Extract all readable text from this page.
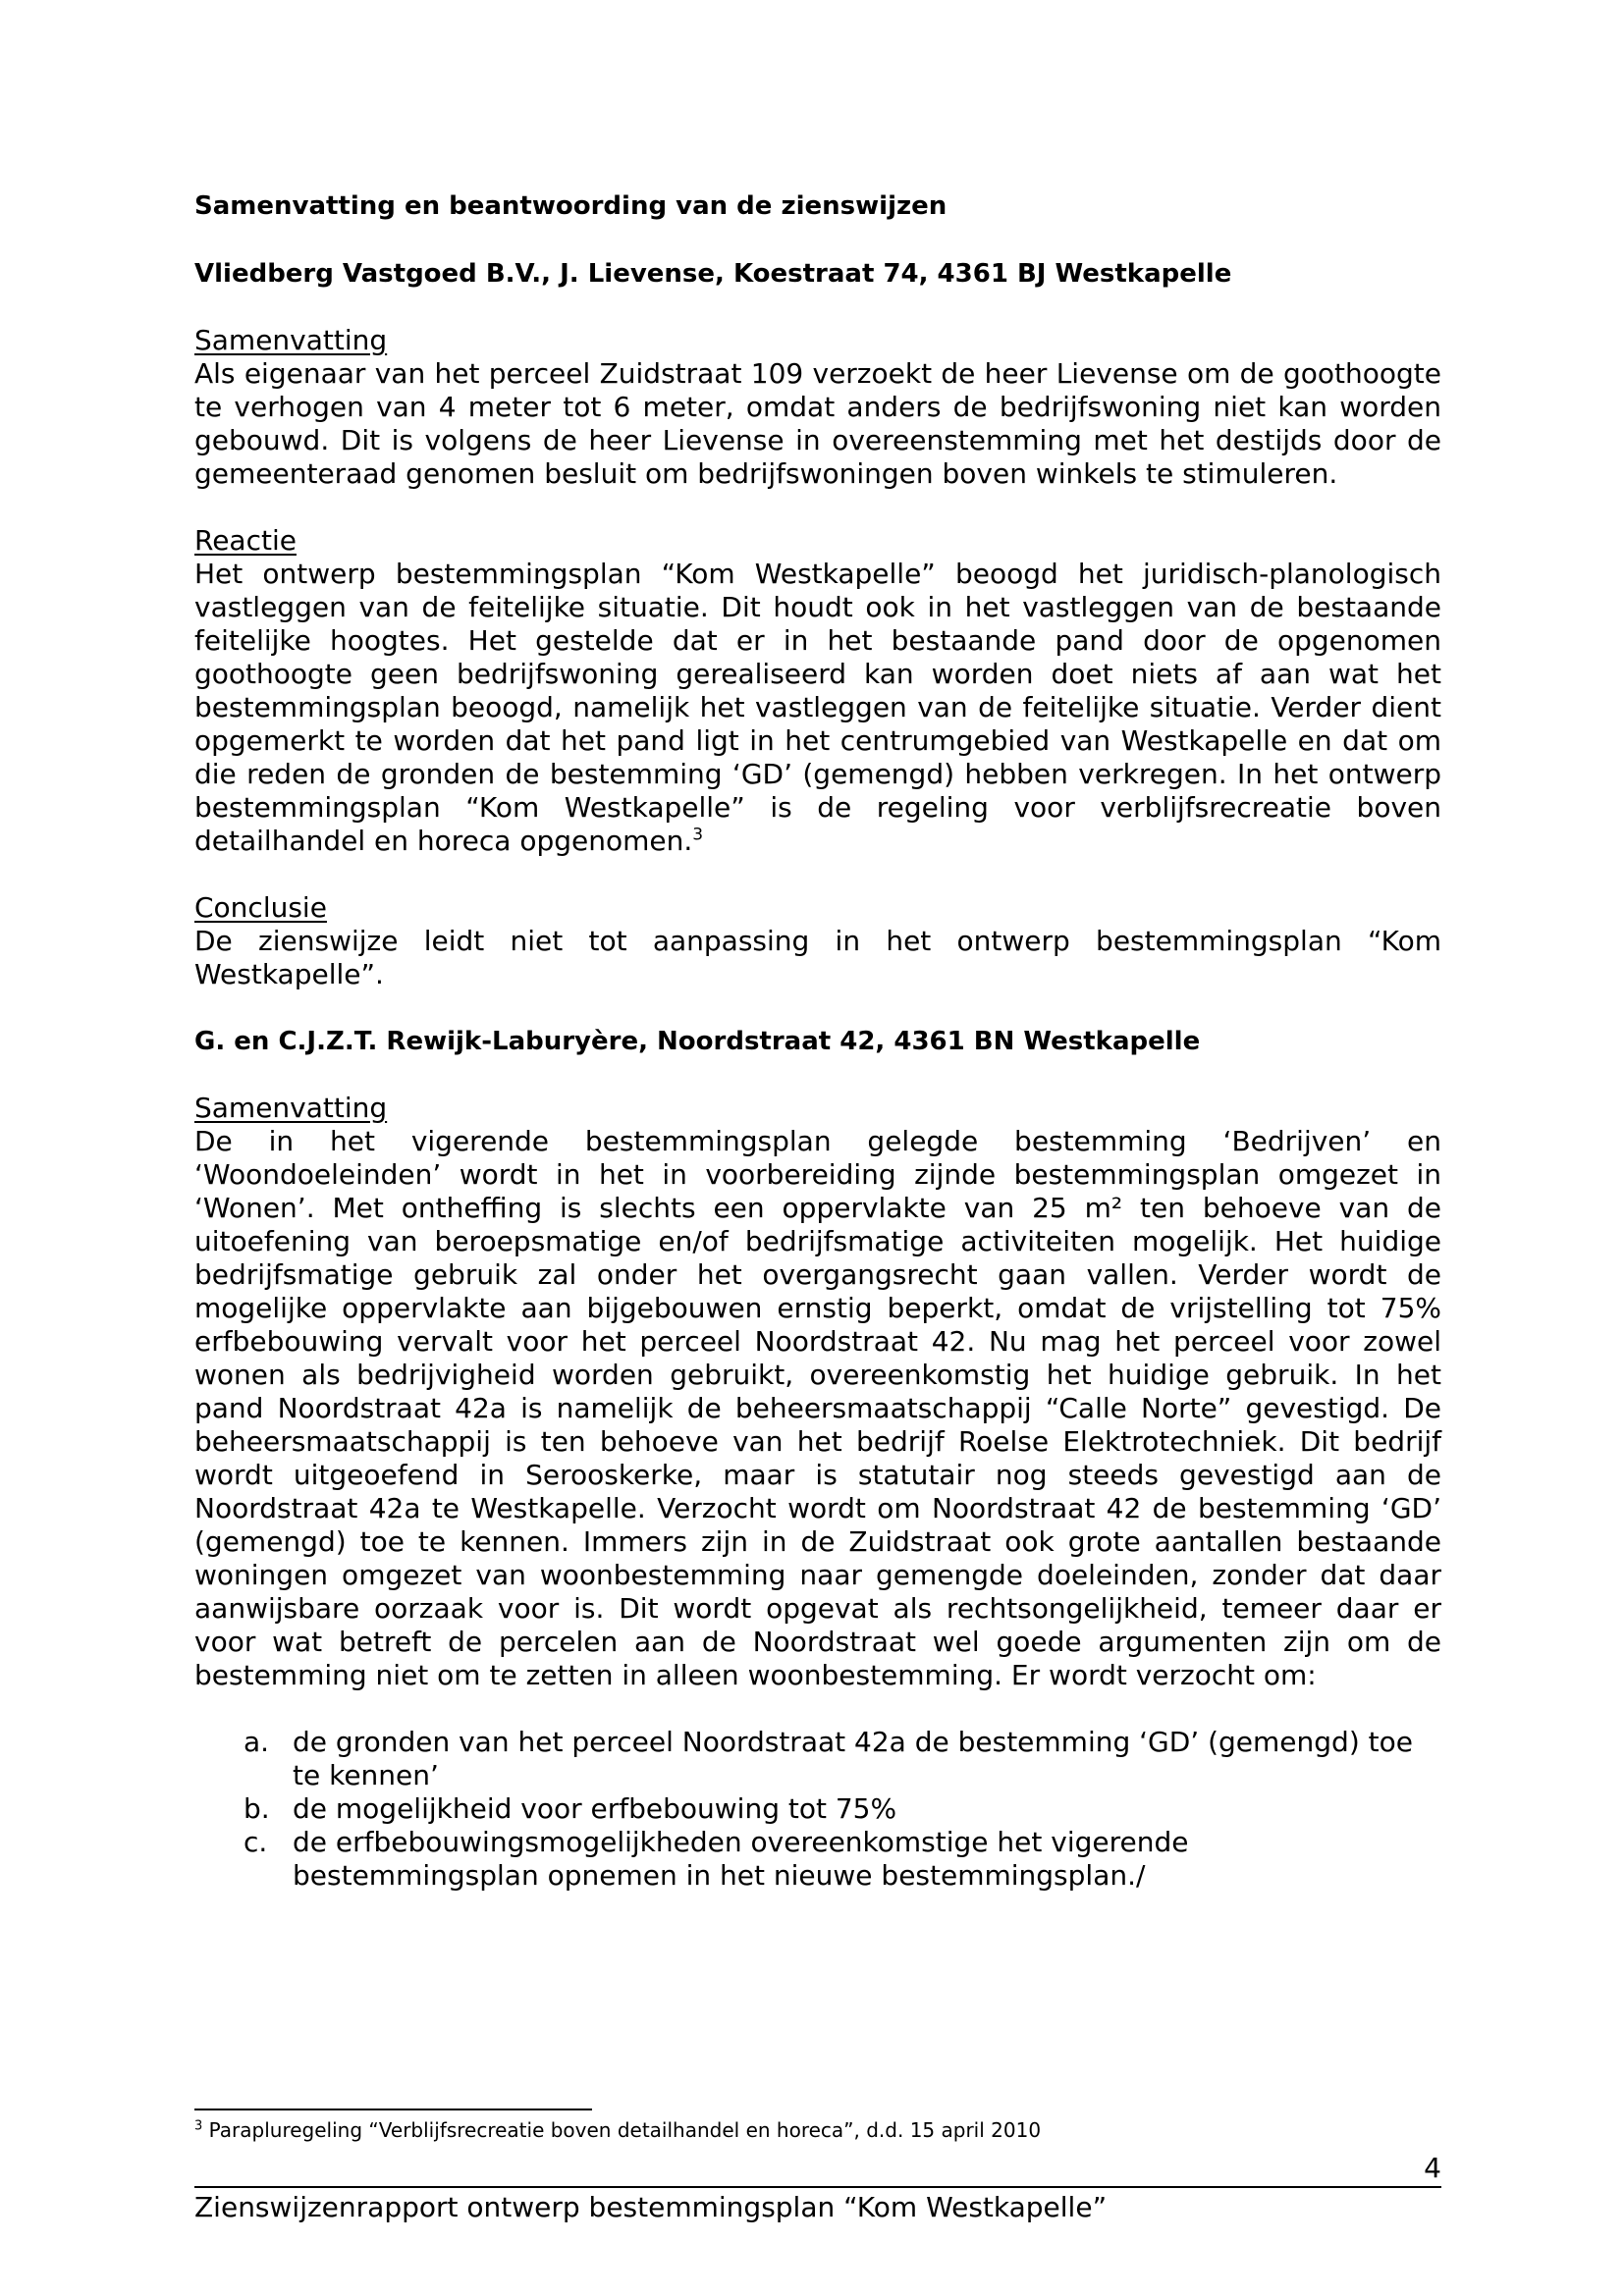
Samenvatting en beantwoording van de zienswijzen
Vliedberg Vastgoed B.V., J. Lievense, Koestraat 74, 4361 BJ Westkapelle
Samenvatting
Als eigenaar van het perceel Zuidstraat 109 verzoekt de heer Lievense om de goothoogte
te verhogen van 4 meter tot 6 meter, omdat anders de bedrijfswoning niet kan worden
gebouwd. Dit is volgens de heer Lievense in overeenstemming met het destijds door de
gemeenteraad genomen besluit om bedrijfswoningen boven winkels te stimuleren.
Reactie
Het ontwerp bestemmingsplan “Kom Westkapelle” beoogd het juridisch-planologisch
vastleggen van de feitelijke situatie. Dit houdt ook in het vastleggen van de bestaande
feitelijke hoogtes. Het gestelde dat er in het bestaande pand door de opgenomen
goothoogte geen bedrijfswoning gerealiseerd kan worden doet niets af aan wat het
bestemmingsplan beoogd, namelijk het vastleggen van de feitelijke situatie. Verder dient
opgemerkt te worden dat het pand ligt in het centrumgebied van Westkapelle en dat om
die reden de gronden de bestemming ‘GD’ (gemengd) hebben verkregen. In het ontwerp
bestemmingsplan “Kom Westkapelle” is de regeling voor verblijfsrecreatie boven
detailhandel en horeca opgenomen.$^3$
Conclusie
De zienswijze leidt niet tot aanpassing in het ontwerp bestemmingsplan “Kom
Westkapelle”.
G. en C.J.Z.T. Rewijk-Laburyère, Noordstraat 42, 4361 BN Westkapelle
Samenvatting
De in het vigerende bestemmingsplan gelegde bestemming ‘Bedrijven’ en
‘Woondoeleinden’ wordt in het in voorbereiding zijnde bestemmingsplan omgezet in
‘Wonen’. Met ontheffing is slechts een oppervlakte van 25 m² ten behoeve van de
uitoefening van beroepsmatige en/of bedrijfsmatige activiteiten mogelijk. Het huidige
bedrijfsmatige gebruik zal onder het overgangsrecht gaan vallen. Verder wordt de
mogelijke oppervlakte aan bijgebouwen ernstig beperkt, omdat de vrijstelling tot 75%
erfbebouwing vervalt voor het perceel Noordstraat 42. Nu mag het perceel voor zowel
wonen als bedrijvigheid worden gebruikt, overeenkomstig het huidige gebruik. In het
pand Noordstraat 42a is namelijk de beheersmaatschappij “Calle Norte” gevestigd. De
beheersmaatschappij is ten behoeve van het bedrijf Roelse Elektrotechniek. Dit bedrijf
wordt uitgeoefend in Serooskerke, maar is statutair nog steeds gevestigd aan de
Noordstraat 42a te Westkapelle. Verzocht wordt om Noordstraat 42 de bestemming ‘GD’
(gemengd) toe te kennen. Immers zijn in de Zuidstraat ook grote aantallen bestaande
woningen omgezet van woonbestemming naar gemengde doeleinden, zonder dat daar
aanwijsbare oorzaak voor is. Dit wordt opgevat als rechtsongelijkheid, temeer daar er
voor wat betreft de percelen aan de Noordstraat wel goede argumenten zijn om de
bestemming niet om te zetten in alleen woonbestemming. Er wordt verzocht om:
a. de gronden van het perceel Noordstraat 42a de bestemming ‘GD’ (gemengd) toe te kennen’
b. de mogelijkheid voor erfbebouwing tot 75%
c. de erfbebouwingsmogelijkheden overeenkomstige het vigerende bestemmingsplan opnemen in het nieuwe bestemmingsplan./
$^3$ Parapluregeling “Verblijfsrecreatie boven detailhandel en horeca”, d.d. 15 april 2010
4
Zienswijzenrapport ontwerp bestemmingsplan “Kom Westkapelle”
